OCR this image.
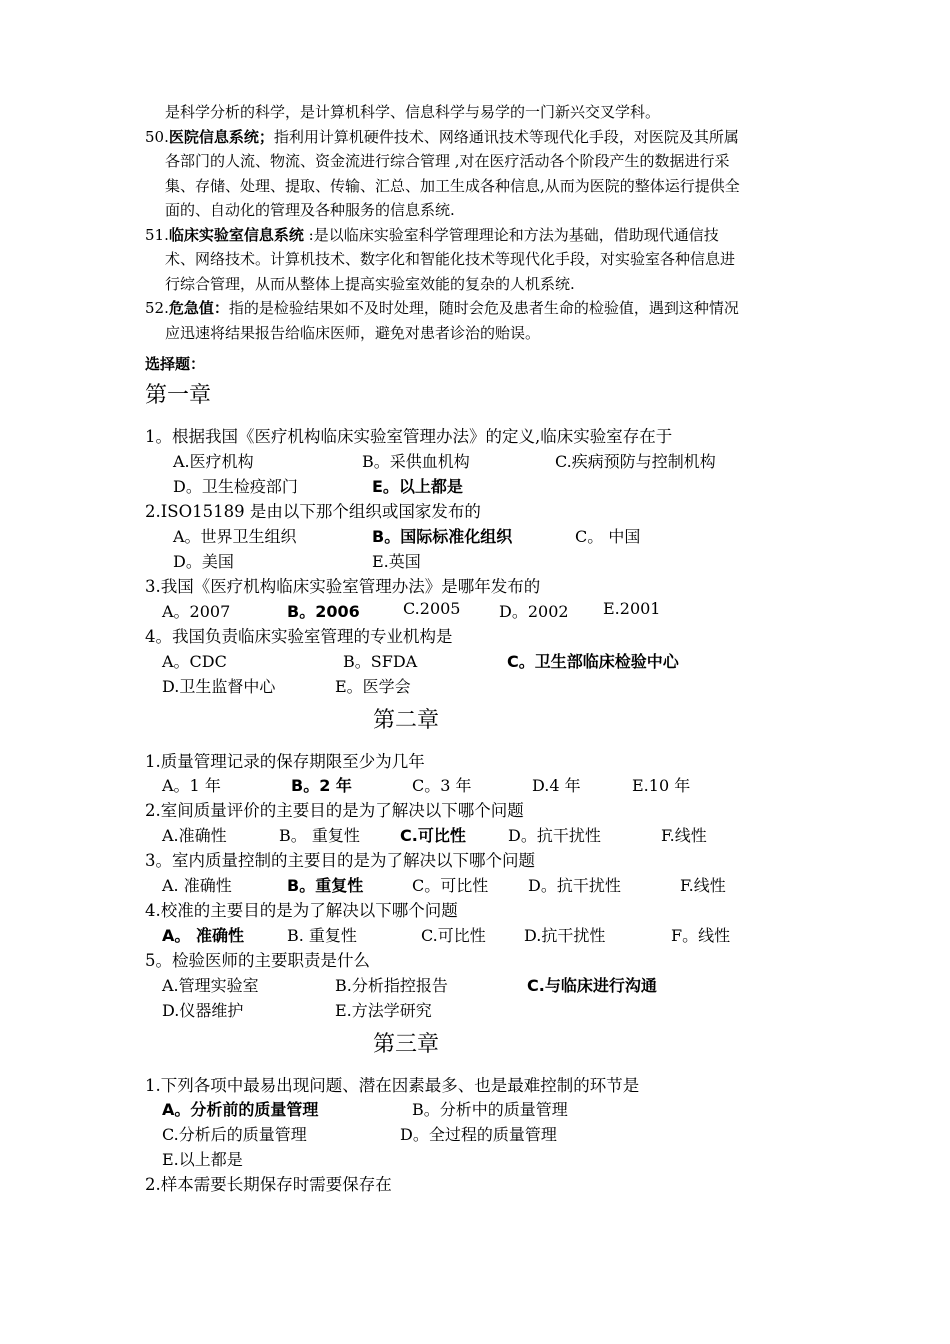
是科学分析的科学，是计算机科学、信息科学与易学的一门新兴交叉学科。
50.医院信息系统；指利用计算机硬件技术、网络通讯技术等现代化手段，对医院及其所属
各部门的人流、物流、资金流进行综合管理 ,对在医疗活动各个阶段产生的数据进行采
集、存储、处理、提取、传输、汇总、加工生成各种信息,从而为医院的整体运行提供全
面的、自动化的管理及各种服务的信息系统.
51.临床实验室信息系统 :是以临床实验室科学管理理论和方法为基础，借助现代通信技
术、网络技术。计算机技术、数字化和智能化技术等现代化手段，对实验室各种信息进
行综合管理，从而从整体上提高实验室效能的复杂的人机系统.
52.危急值：指的是检验结果如不及时处理，随时会危及患者生命的检验值，遇到这种情况
应迅速将结果报告给临床医师，避免对患者诊治的贻误。
选择题：
第一章
1。根据我国《医疗机构临床实验室管理办法》的定义,临床实验室存在于
A.医疗机构	B。采供血机构	C.疾病预防与控制机构
D。卫生检疫部门	E。以上都是
2.ISO15189 是由以下那个组织或国家发布的
A。世界卫生组织	B。国际标准化组织	C。 中国
D。美国	E.英国
3.我国《医疗机构临床实验室管理办法》是哪年发布的
A。2007	B。2006	C.2005 D。2002 E.2001
4。我国负责临床实验室管理的专业机构是
A。CDC	B。SFDA	C。卫生部临床检验中心
D.卫生监督中心	E。医学会
第二章
1.质量管理记录的保存期限至少为几年
A。1 年	B。2 年	C。3 年	D.4 年	E.10 年
2.室间质量评价的主要目的是为了解决以下哪个问题
A.准确性	B。 重复性	C.可比性	D。抗干扰性	F.线性
3。室内质量控制的主要目的是为了解决以下哪个问题
A. 准确性	B。重复性	C。可比性 D。抗干扰性	F.线性
4.校准的主要目的是为了解决以下哪个问题
A。 准确性	B. 重复性	C.可比性 D.抗干扰性	F。线性
5。检验医师的主要职责是什么
A.管理实验室	B.分析指控报告	C.与临床进行沟通
D.仪器维护	E.方法学研究
第三章
1.下列各项中最易出现问题、潜在因素最多、也是最难控制的环节是
A。分析前的质量管理	B。分析中的质量管理
C.分析后的质量管理	D。全过程的质量管理
E.以上都是
2.样本需要长期保存时需要保存在
